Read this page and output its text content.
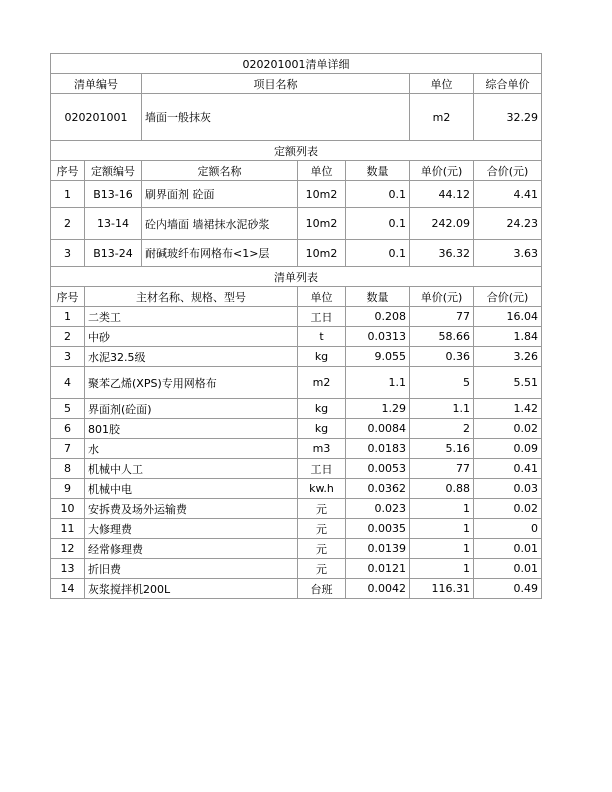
020201001清单详细						
清单编号		项目名称			单位	综合单价
020201001		墙面一般抹灰			m2	32.29
定额列表						
序号	定额编号	定额名称	单位	数量	单价(元)	合价(元)
1	B13-16	刷界面剂 砼面	10m2	0.1	44.12	4.41
2	13-14	砼内墙面 墙裙抹水泥砂浆	10m2	0.1	242.09	24.23
3	B13-24	耐碱玻纤布网格布<1>层	10m2	0.1	36.32	3.63
清单列表						
序号	主材名称、规格、型号		单位	数量	单价(元)	合价(元)
1	二类工		工日	0.208	77	16.04
2	中砂		t	0.0313	58.66	1.84
3	水泥32.5级		kg	9.055	0.36	3.26
4	聚苯乙烯(XPS)专用网格布		m2	1.1	5	5.51
5	界面剂(砼面)		kg	1.29	1.1	1.42
6	801胶		kg	0.0084	2	0.02
7	水		m3	0.0183	5.16	0.09
8	机械中人工		工日	0.0053	77	0.41
9	机械中电		kw.h	0.0362	0.88	0.03
10	安拆费及场外运输费		元	0.023	1	0.02
11	大修理费		元	0.0035	1	0
12	经常修理费		元	0.0139	1	0.01
13	折旧费		元	0.0121	1	0.01
14	灰浆搅拌机200L		台班	0.0042	116.31	0.49
